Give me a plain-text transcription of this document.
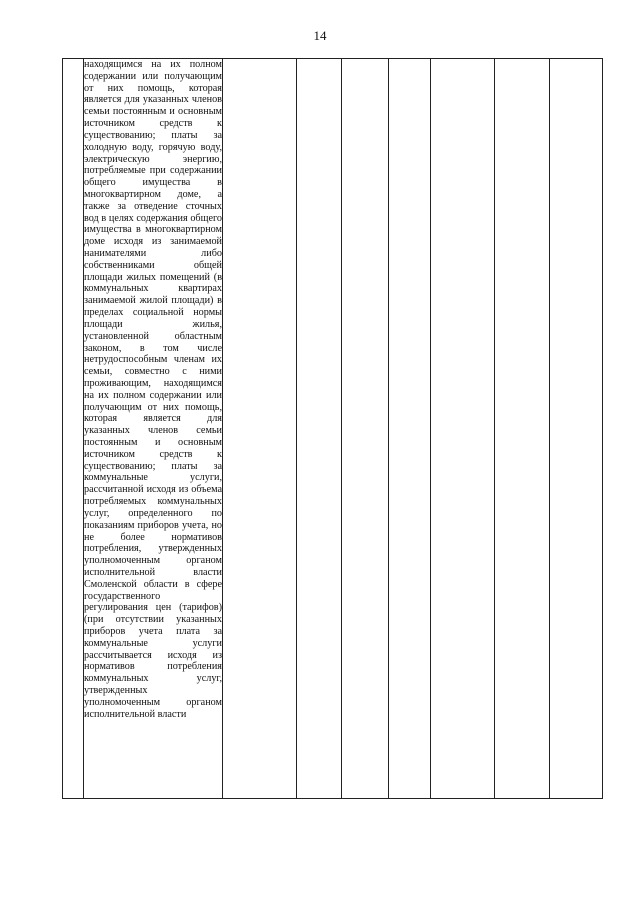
14

находящимся на их полном содержании или получающим от них помощь, которая является для указанных членов семьи постоянным и основным источником средств к существованию; платы за холодную воду, горячую воду, электрическую энергию, потребляемые при содержании общего имущества в многоквартирном доме, а также за отведение сточных вод в целях содержания общего имущества в многоквартирном доме исходя из занимаемой нанимателями либо собственниками общей площади жилых помещений (в коммунальных квартирах занимаемой жилой площади) в пределах социальной нормы площади жилья, установленной областным законом, в том числе нетрудоспособным членам их семьи, совместно с ними проживающим, находящимся на их полном содержании или получающим от них помощь, которая является для указанных членов семьи постоянным и основным источником средств к существованию; платы за коммунальные услуги, рассчитанной исходя из объема потребляемых коммунальных услуг, определенного по показаниям приборов учета, но не более нормативов потребления, утвержденных уполномоченным органом исполнительной власти Смоленской области в сфере государственного регулирования цен (тарифов) (при отсутствии указанных приборов учета плата за коммунальные услуги рассчитывается исходя из нормативов потребления коммунальных услуг, утвержденных уполномоченным органом исполнительной власти
